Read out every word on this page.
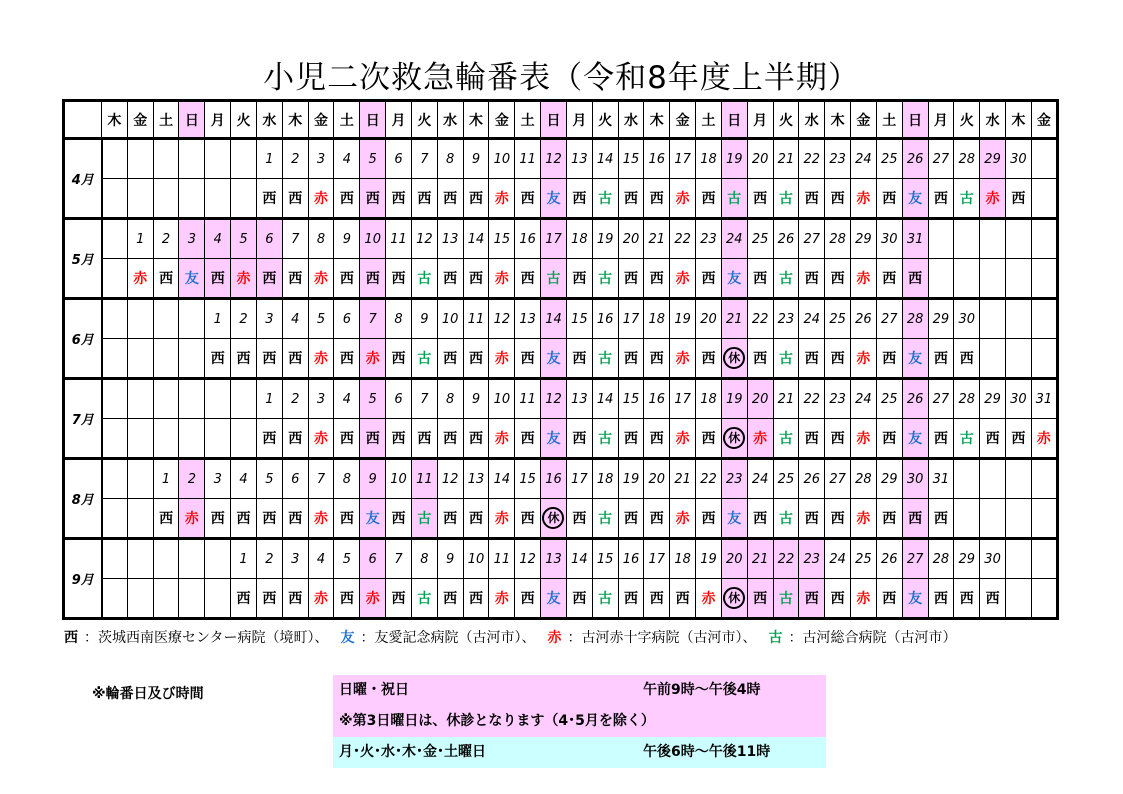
小児二次救急輪番表（令和8年度上半期）
	木	金	土	日	月	火	水	木	金	土	日	月	火	水	木	金	土	日	月	火	水	木	金	土	日	月	火	水	木	金	土	日	月	火	水	木	金
4月							1	2	3	4	5	6	7	8	9	10	11	12	13	14	15	16	17	18	19	20	21	22	23	24	25	26	27	28	29	30	
							西	西	赤	西	西	西	西	西	西	赤	西	友	西	古	西	西	赤	西	古	西	古	西	西	赤	西	友	西	古	赤	西	
5月		1	2	3	4	5	6	7	8	9	10	11	12	13	14	15	16	17	18	19	20	21	22	23	24	25	26	27	28	29	30	31					
		赤	西	友	西	赤	西	西	赤	西	西	西	古	西	西	赤	西	古	西	古	西	西	赤	西	友	西	古	西	西	赤	西	西					
6月					1	2	3	4	5	6	7	8	9	10	11	12	13	14	15	16	17	18	19	20	21	22	23	24	25	26	27	28	29	30			
					西	西	西	西	赤	西	赤	西	古	西	西	赤	西	友	西	古	西	西	赤	西	休	西	古	西	西	赤	西	友	西	西			
7月							1	2	3	4	5	6	7	8	9	10	11	12	13	14	15	16	17	18	19	20	21	22	23	24	25	26	27	28	29	30	31
							西	西	赤	西	西	西	西	西	西	赤	西	友	西	古	西	西	赤	西	休	赤	古	西	西	赤	西	友	西	古	西	西	赤
8月			1	2	3	4	5	6	7	8	9	10	11	12	13	14	15	16	17	18	19	20	21	22	23	24	25	26	27	28	29	30	31				
			西	赤	西	西	西	西	赤	西	友	西	古	西	西	赤	西	休	西	古	西	西	赤	西	友	西	古	西	西	赤	西	西	西				
9月						1	2	3	4	5	6	7	8	9	10	11	12	13	14	15	16	17	18	19	20	21	22	23	24	25	26	27	28	29	30		
						西	西	西	赤	西	赤	西	古	西	西	赤	西	友	西	古	西	西	西	赤	休	西	古	西	西	赤	西	友	西	西	西		
西 ：茨城西南医療センター病院（境町）、 友 ：友愛記念病院（古河市）、 赤 ：古河赤十字病院（古河市）、 古 ：古河総合病院（古河市）
※輪番日及び時間	日曜・祝日	午前9時～午後4時
※第3日曜日は、休診となります（4･5月を除く）
月･火･水･木･金･土曜日	午後6時～午後11時
